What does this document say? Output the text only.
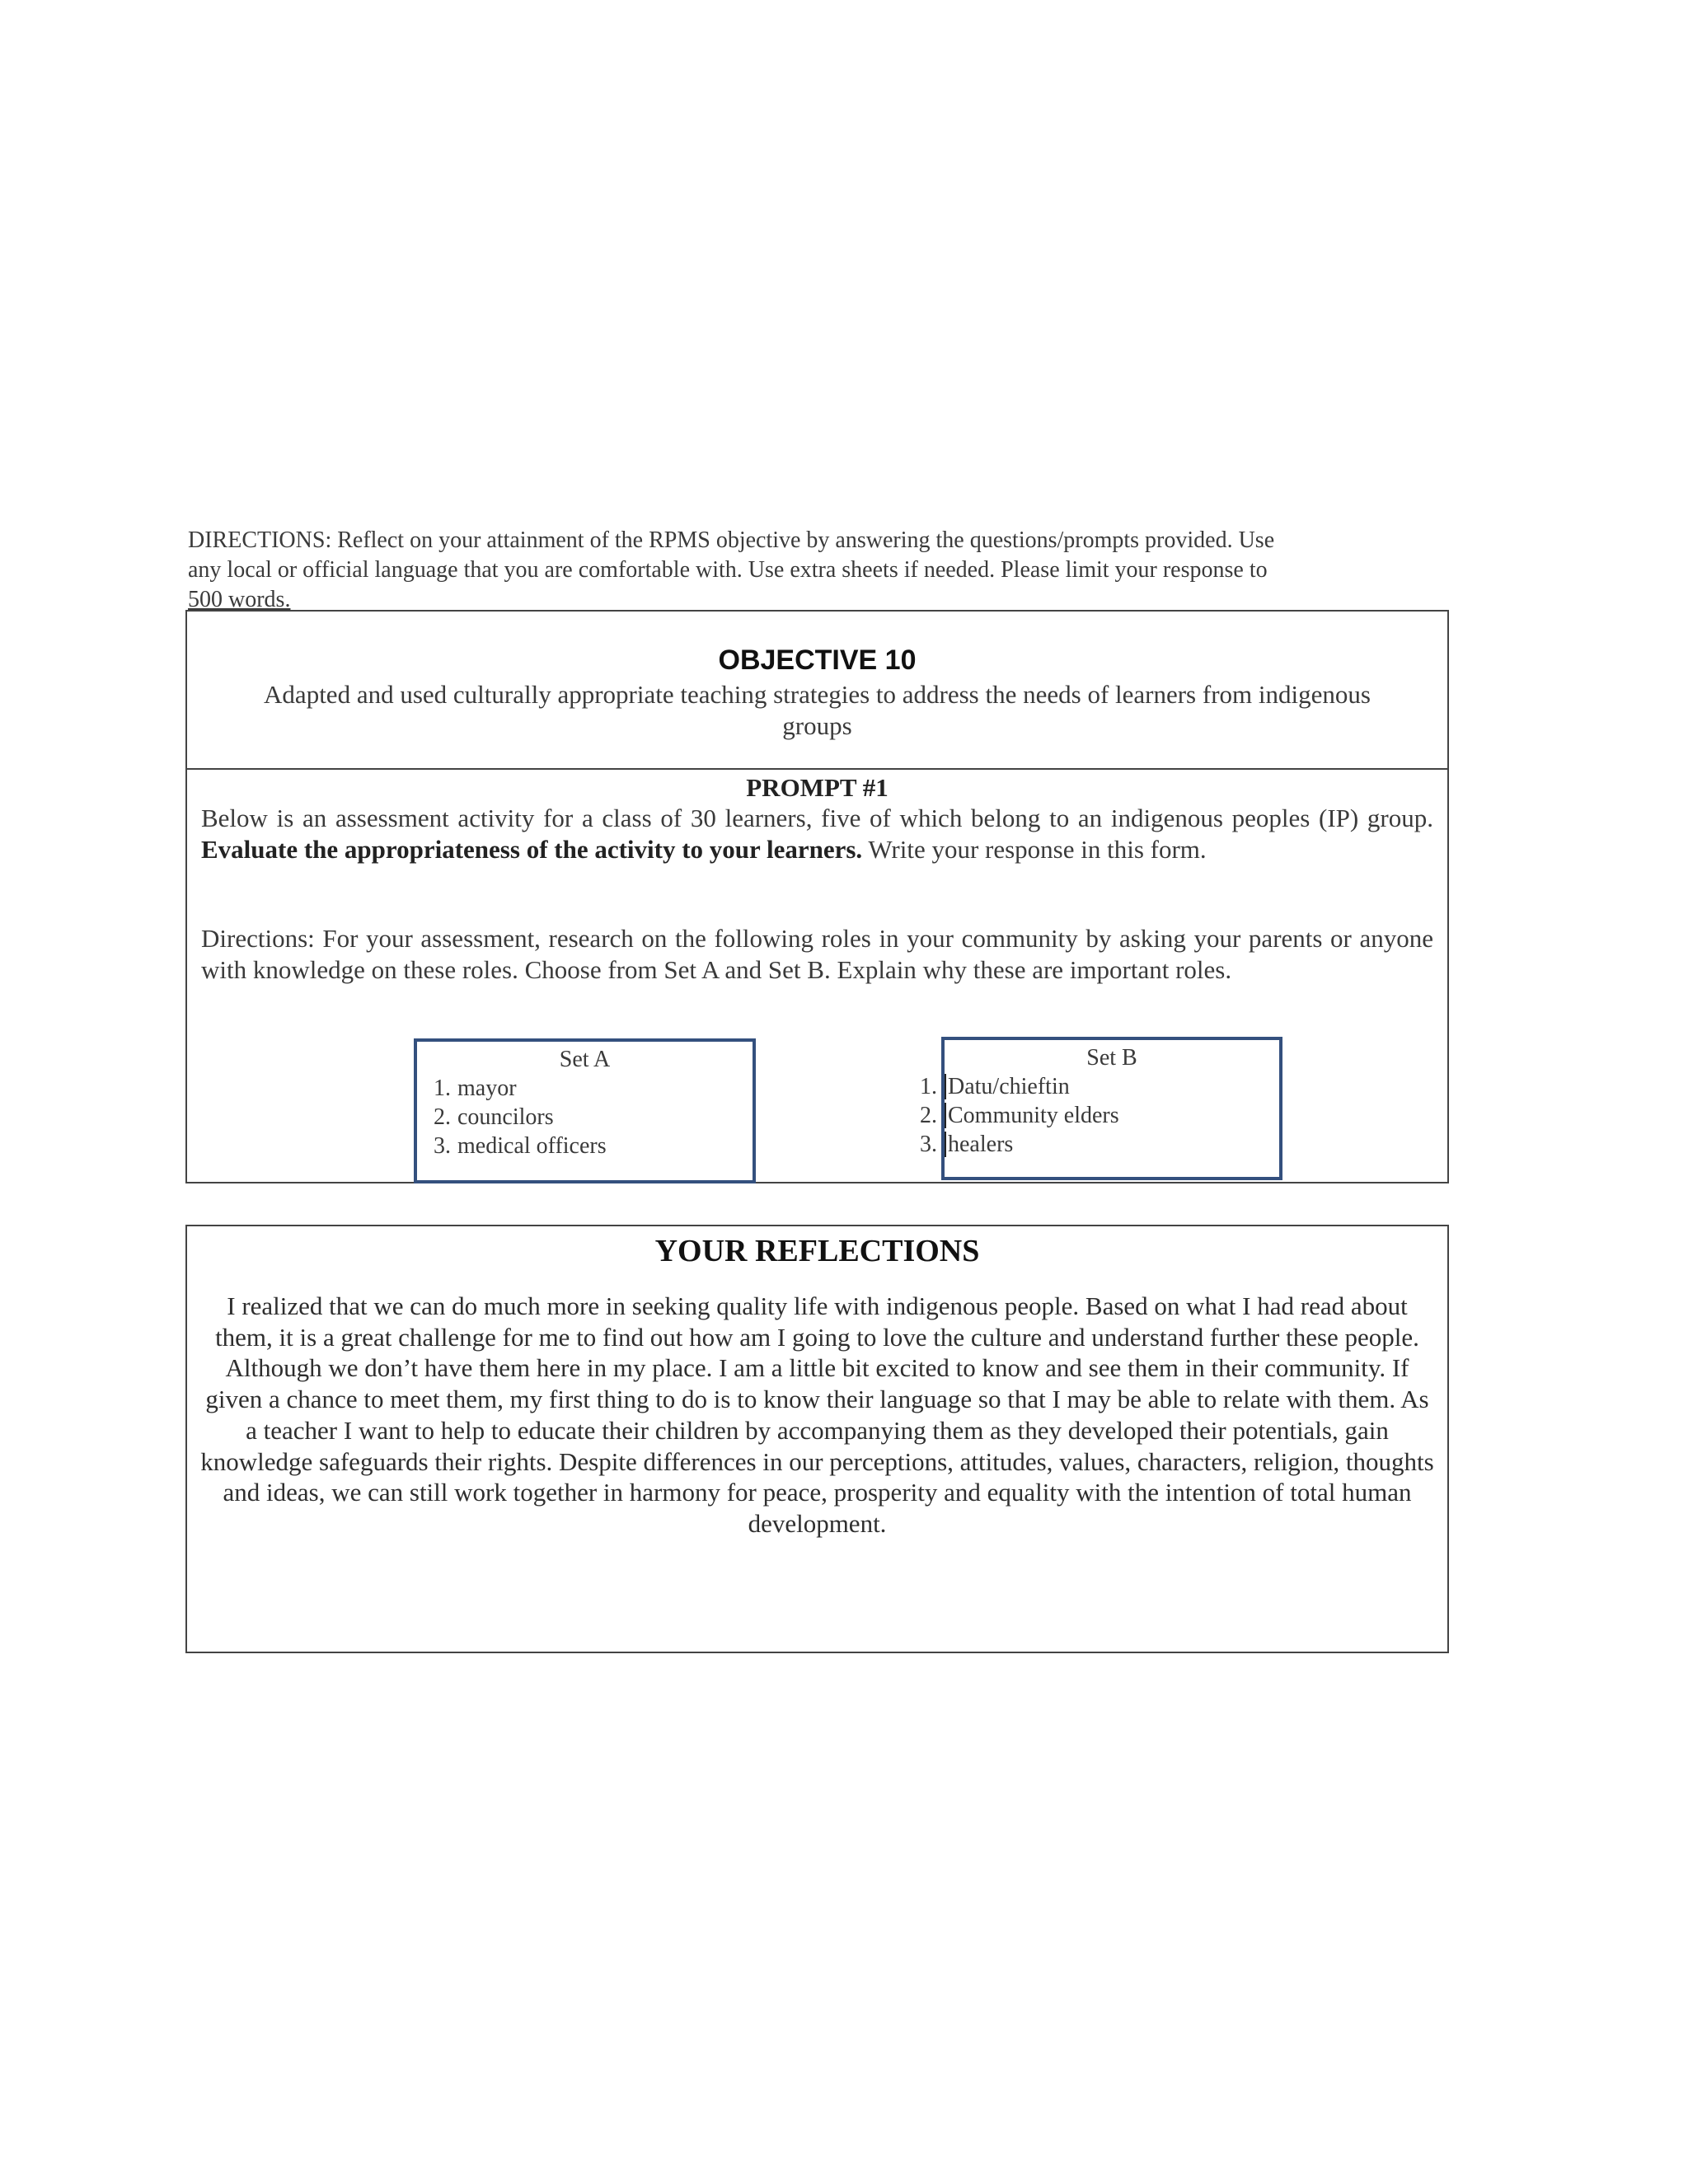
DIRECTIONS: Reflect on your attainment of the RPMS objective by answering the questions/prompts provided. Use
any local or official language that you are comfortable with. Use extra sheets if needed. Please limit your response to
500 words.
OBJECTIVE 10
Adapted and used culturally appropriate teaching strategies to address the needs of learners from indigenous groups
PROMPT #1
Below is an assessment activity for a class of 30 learners, five of which belong to an indigenous peoples (IP) group. Evaluate the appropriateness of the activity to your learners. Write your response in this form.
Directions: For your assessment, research on the following roles in your community by asking your parents or anyone with knowledge on these roles. Choose from Set A and Set B. Explain why these are important roles.
Set A
1. mayor
2. councilors
3. medical officers
Set B
1. Datu/chieftin
2. Community elders
3. healers
YOUR REFLECTIONS
I realized that we can do much more in seeking quality life with indigenous people. Based on what I had read about them, it is a great challenge for me to find out how am I going to love the culture and understand further these people. Although we don’t have them here in my place. I am a little bit excited to know and see them in their community. If given a chance to meet them, my first thing to do is to know their language so that I may be able to relate with them. As a teacher I want to help to educate their children by accompanying them as they developed their potentials, gain knowledge safeguards their rights. Despite differences in our perceptions, attitudes, values, characters, religion, thoughts and ideas, we can still work together in harmony for peace, prosperity and equality with the intention of total human development.
